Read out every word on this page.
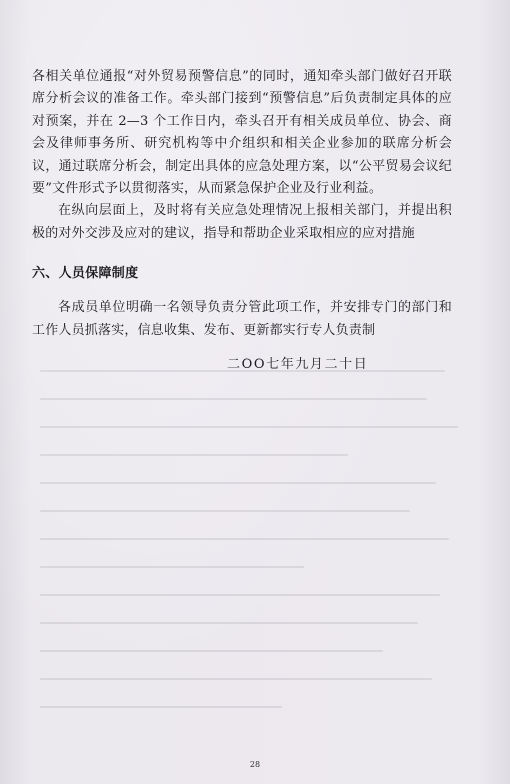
各相关单位通报“对外贸易预警信息”的同时，通知牵头部门做好召开联席分析会议的准备工作。牵头部门接到“预警信息”后负责制定具体的应对预案，并在 2—3 个工作日内，牵头召开有相关成员单位、协会、商会及律师事务所、研究机构等中介组织和相关企业参加的联席分析会议，通过联席分析会，制定出具体的应急处理方案，以“公平贸易会议纪要”文件形式予以贯彻落实，从而紧急保护企业及行业利益。

在纵向层面上，及时将有关应急处理情况上报相关部门，并提出积极的对外交涉及应对的建议，指导和帮助企业采取相应的应对措施

六、人员保障制度

各成员单位明确一名领导负责分管此项工作，并安排专门的部门和工作人员抓落实，信息收集、发布、更新都实行专人负责制

二OO七年九月二十日
28
